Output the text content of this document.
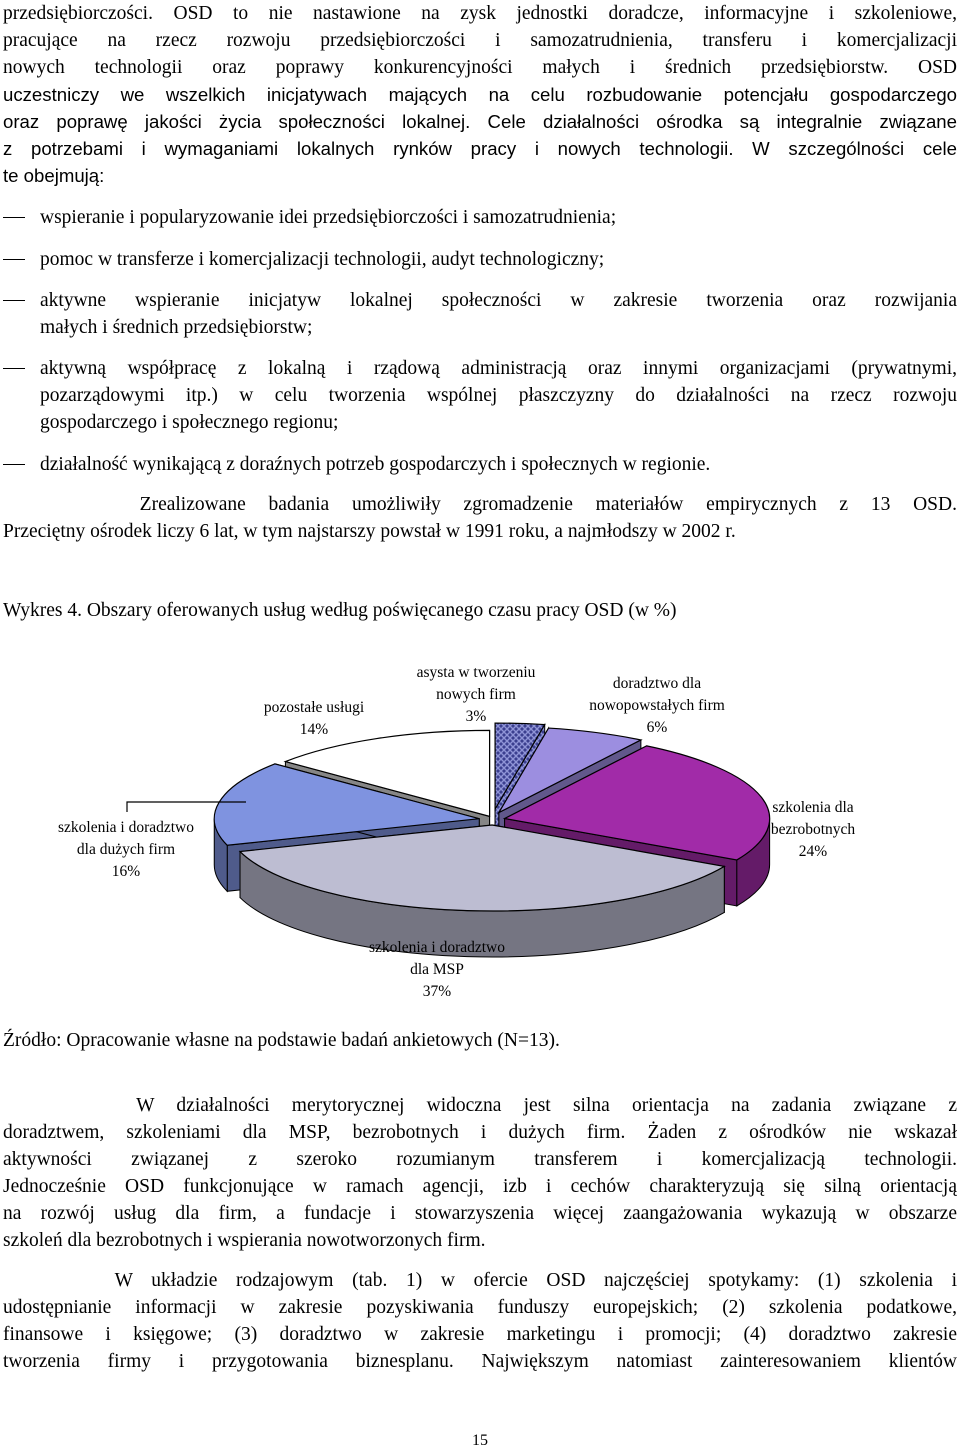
przedsiębiorczości. OSD to nie nastawione na zysk jednostki doradcze, informacyjne i szkoleniowe,
pracujące na rzecz rozwoju przedsiębiorczości i samozatrudnienia, transferu i komercjalizacji
nowych technologii oraz poprawy konkurencyjności małych i średnich przedsiębiorstw. OSD
uczestniczy we wszelkich inicjatywach mających na celu rozbudowanie potencjału gospodarczego
oraz poprawę jakości życia społeczności lokalnej. Cele działalności ośrodka są integralnie związane
z potrzebami i wymaganiami lokalnych rynków pracy i nowych technologii. W szczególności cele
te obejmują:
wspieranie i popularyzowanie idei przedsiębiorczości i samozatrudnienia;
pomoc w transferze i komercjalizacji technologii, audyt technologiczny;
aktywne wspieranie inicjatyw lokalnej społeczności w zakresie tworzenia oraz rozwijania
małych i średnich przedsiębiorstw;
aktywną współpracę z lokalną i rządową administracją oraz innymi organizacjami (prywatnymi,
pozarządowymi itp.) w celu tworzenia wspólnej płaszczyzny do działalności na rzecz rozwoju
gospodarczego i społecznego regionu;
działalność wynikającą z doraźnych potrzeb gospodarczych i społecznych w regionie.
Zrealizowane badania umożliwiły zgromadzenie materiałów empirycznych z 13 OSD.
Przeciętny ośrodek liczy 6 lat, w tym najstarszy powstał w 1991 roku, a najmłodszy w 2002 r.
Wykres 4. Obszary oferowanych usług według poświęcanego czasu pracy OSD (w %)
asysta w tworzeniu
nowych firm
3%
doradztwo dla
nowopowstałych firm
6%
szkolenia dla
bezrobotnych
24%
szkolenia i doradztwo
dla MSP
37%
szkolenia i doradztwo
dla dużych firm
16%
pozostałe usługi
14%
Źródło: Opracowanie własne na podstawie badań ankietowych (N=13).
W działalności merytorycznej widoczna jest silna orientacja na zadania związane z
doradztwem, szkoleniami dla MSP, bezrobotnych i dużych firm. Żaden z ośrodków nie wskazał
aktywności związanej z szeroko rozumianym transferem i komercjalizacją technologii.
Jednocześnie OSD funkcjonujące w ramach agencji, izb i cechów charakteryzują się silną orientacją
na rozwój usług dla firm, a fundacje i stowarzyszenia więcej zaangażowania wykazują w obszarze
szkoleń dla bezrobotnych i wspierania nowotworzonych firm.
W układzie rodzajowym (tab. 1) w ofercie OSD najczęściej spotykamy: (1) szkolenia i
udostępnianie informacji w zakresie pozyskiwania funduszy europejskich; (2) szkolenia podatkowe,
finansowe i księgowe; (3) doradztwo w zakresie marketingu i promocji; (4) doradztwo zakresie
tworzenia firmy i przygotowania biznesplanu. Największym natomiast zainteresowaniem klientów
15
